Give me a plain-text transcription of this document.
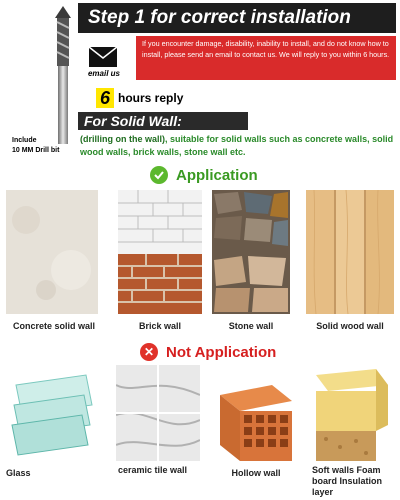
Include
10 MM Drill bit
Step 1 for correct installation
email us
If you encounter damage, disability, inability to install, and do not know how to install, please send an email to contact us. We will reply to you within 6 hours.
6 hours reply
For Solid Wall:
(drilling on the wall), suitable for solid walls such as concrete walls, solid wood walls, brick walls, stone wall etc.
Application
Concrete solid wall	Brick wall	Stone wall	Solid wood wall
✕ Not Application
Glass	ceramic tile wall	Hollow wall	Soft walls Foam board Insulation layer
